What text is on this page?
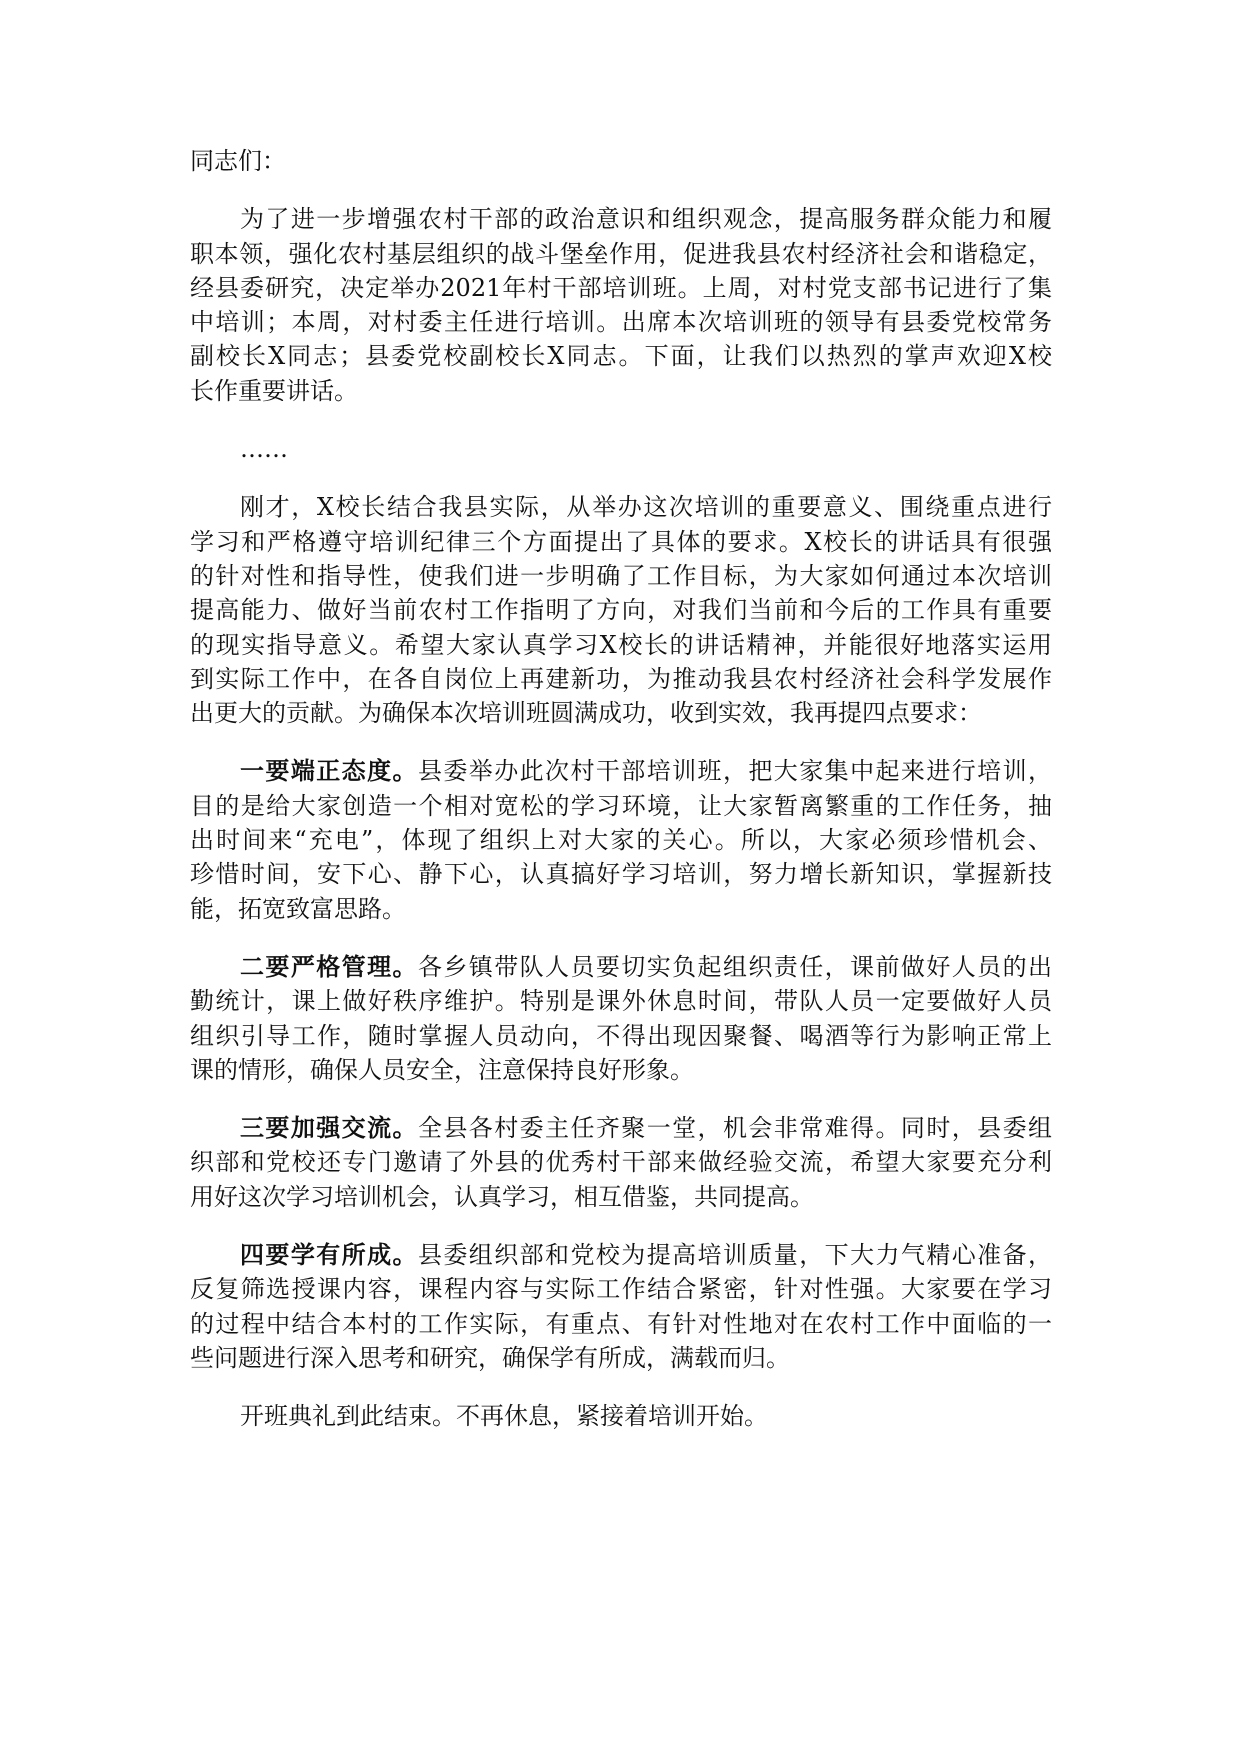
同志们：
为了进一步增强农村干部的政治意识和组织观念，提高服务群众能力和履
职本领，强化农村基层组织的战斗堡垒作用，促进我县农村经济社会和谐稳定，
经县委研究，决定举办2021年村干部培训班。上周，对村党支部书记进行了集
中培训；本周，对村委主任进行培训。出席本次培训班的领导有县委党校常务
副校长X同志；县委党校副校长X同志。下面，让我们以热烈的掌声欢迎X校
长作重要讲话。
……
刚才，X校长结合我县实际，从举办这次培训的重要意义、围绕重点进行
学习和严格遵守培训纪律三个方面提出了具体的要求。X校长的讲话具有很强
的针对性和指导性，使我们进一步明确了工作目标，为大家如何通过本次培训
提高能力、做好当前农村工作指明了方向，对我们当前和今后的工作具有重要
的现实指导意义。希望大家认真学习X校长的讲话精神，并能很好地落实运用
到实际工作中，在各自岗位上再建新功，为推动我县农村经济社会科学发展作
出更大的贡献。为确保本次培训班圆满成功，收到实效，我再提四点要求：
一要端正态度。县委举办此次村干部培训班，把大家集中起来进行培训，
目的是给大家创造一个相对宽松的学习环境，让大家暂离繁重的工作任务，抽
出时间来“充电”，体现了组织上对大家的关心。所以，大家必须珍惜机会、
珍惜时间，安下心、静下心，认真搞好学习培训，努力增长新知识，掌握新技
能，拓宽致富思路。
二要严格管理。各乡镇带队人员要切实负起组织责任，课前做好人员的出
勤统计，课上做好秩序维护。特别是课外休息时间，带队人员一定要做好人员
组织引导工作，随时掌握人员动向，不得出现因聚餐、喝酒等行为影响正常上
课的情形，确保人员安全，注意保持良好形象。
三要加强交流。全县各村委主任齐聚一堂，机会非常难得。同时，县委组
织部和党校还专门邀请了外县的优秀村干部来做经验交流，希望大家要充分利
用好这次学习培训机会，认真学习，相互借鉴，共同提高。
四要学有所成。县委组织部和党校为提高培训质量，下大力气精心准备，
反复筛选授课内容，课程内容与实际工作结合紧密，针对性强。大家要在学习
的过程中结合本村的工作实际，有重点、有针对性地对在农村工作中面临的一
些问题进行深入思考和研究，确保学有所成，满载而归。
开班典礼到此结束。不再休息，紧接着培训开始。
